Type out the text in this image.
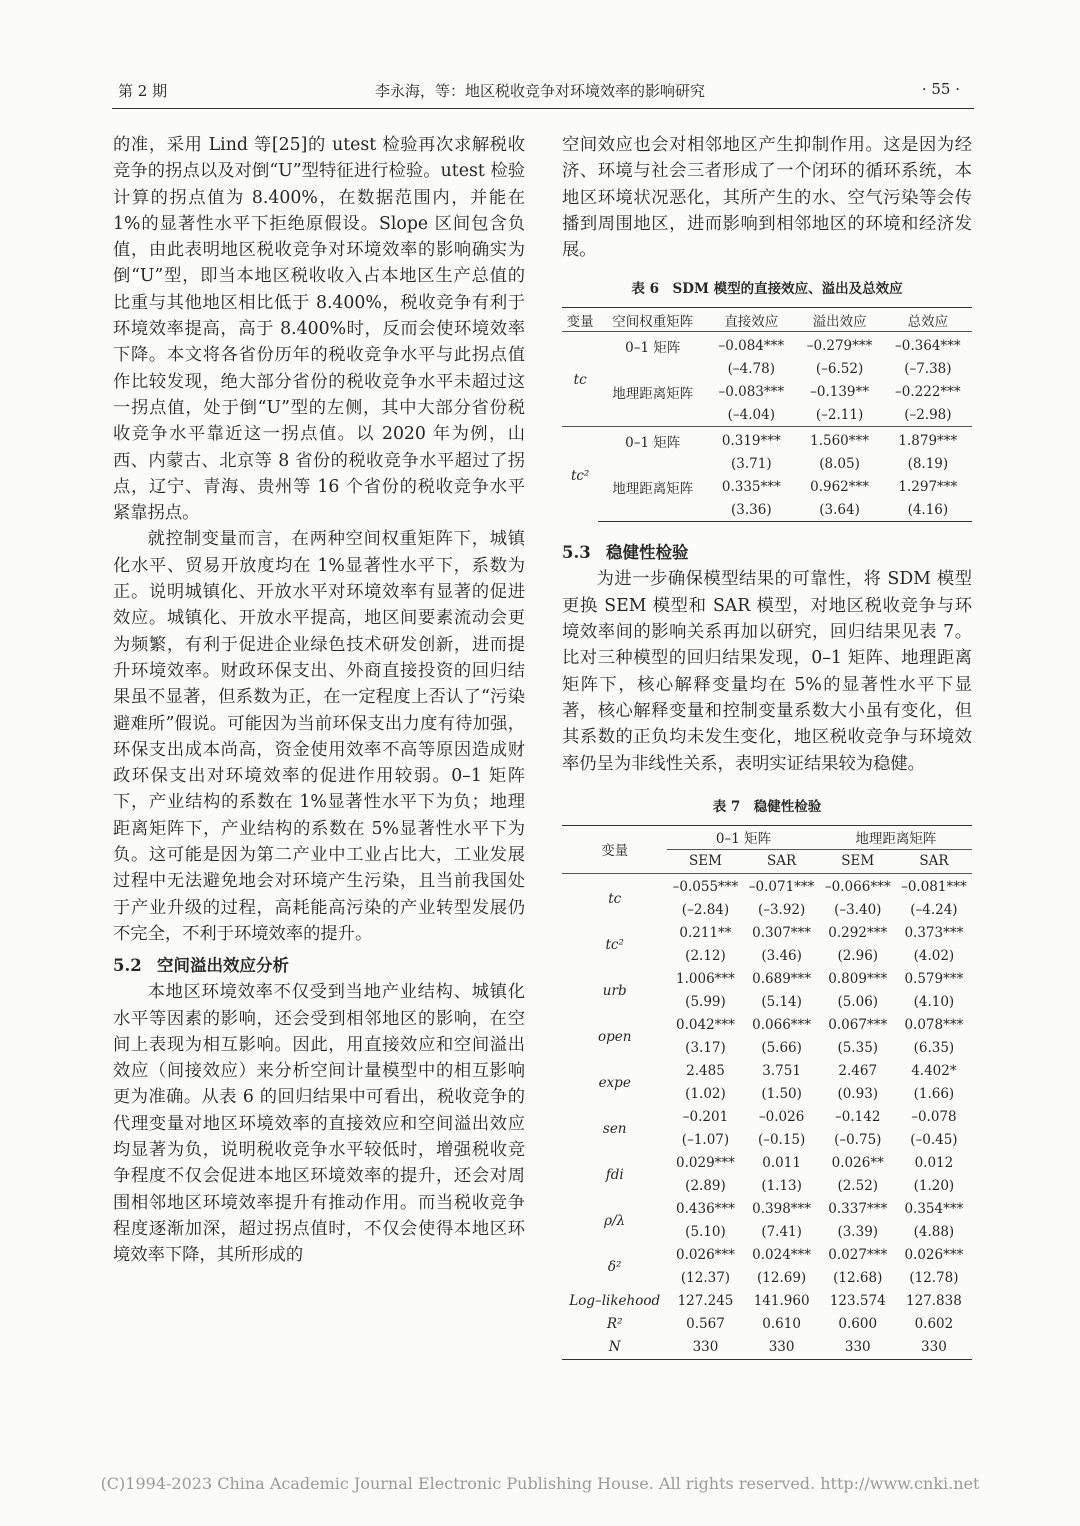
第 2 期	李永海，等：地区税收竞争对环境效率的影响研究	· 55 ·

的准，采用 Lind 等[25]的 utest 检验再次求解税收竞争的拐点以及对倒“U”型特征进行检验。utest 检验计算的拐点值为 8.400%，在数据范围内，并能在 1%的显著性水平下拒绝原假设。Slope 区间包含负值，由此表明地区税收竞争对环境效率的影响确实为倒“U”型，即当本地区税收收入占本地区生产总值的比重与其他地区相比低于 8.400%，税收竞争有利于环境效率提高，高于 8.400%时，反而会使环境效率下降。本文将各省份历年的税收竞争水平与此拐点值作比较发现，绝大部分省份的税收竞争水平未超过这一拐点值，处于倒“U”型的左侧，其中大部分省份税收竞争水平靠近这一拐点值。以 2020 年为例，山西、内蒙古、北京等 8 省份的税收竞争水平超过了拐点，辽宁、青海、贵州等 16 个省份的税收竞争水平紧靠拐点。

就控制变量而言，在两种空间权重矩阵下，城镇化水平、贸易开放度均在 1%显著性水平下，系数为正。说明城镇化、开放水平对环境效率有显著的促进效应。城镇化、开放水平提高，地区间要素流动会更为频繁，有利于促进企业绿色技术研发创新，进而提升环境效率。财政环保支出、外商直接投资的回归结果虽不显著，但系数为正，在一定程度上否认了“污染避难所”假说。可能因为当前环保支出力度有待加强，环保支出成本尚高，资金使用效率不高等原因造成财政环保支出对环境效率的促进作用较弱。0–1 矩阵下，产业结构的系数在 1%显著性水平下为负；地理距离矩阵下，产业结构的系数在 5%显著性水平下为负。这可能是因为第二产业中工业占比大，工业发展过程中无法避免地会对环境产生污染，且当前我国处于产业升级的过程，高耗能高污染的产业转型发展仍不完全，不利于环境效率的提升。

5.2 空间溢出效应分析

本地区环境效率不仅受到当地产业结构、城镇化水平等因素的影响，还会受到相邻地区的影响，在空间上表现为相互影响。因此，用直接效应和空间溢出效应（间接效应）来分析空间计量模型中的相互影响更为准确。从表 6 的回归结果中可看出，税收竞争的代理变量对地区环境效率的直接效应和空间溢出效应均显著为负，说明税收竞争水平较低时，增强税收竞争程度不仅会促进本地区环境效率的提升，还会对周围相邻地区环境效率提升有推动作用。而当税收竞争程度逐渐加深，超过拐点值时，不仅会使得本地区环境效率下降，其所形成的

空间效应也会对相邻地区产生抑制作用。这是因为经济、环境与社会三者形成了一个闭环的循环系统，本地区环境状况恶化，其所产生的水、空气污染等会传播到周围地区，进而影响到相邻地区的环境和经济发展。

表 6　SDM 模型的直接效应、溢出及总效应
变量	空间权重矩阵	直接效应	溢出效应	总效应

tc	0–1 矩阵	–0.084***	–0.279***	–0.364***
		(–4.78)	(–6.52)	(–7.38)
	地理距离矩阵	–0.083***	–0.139**	–0.222***
		(–4.04)	(–2.11)	(–2.98)

tc²	0–1 矩阵	0.319***	1.560***	1.879***
		(3.71)	(8.05)	(8.19)
	地理距离矩阵	0.335***	0.962***	1.297***
		(3.36)	(3.64)	(4.16)
5.3 稳健性检验

为进一步确保模型结果的可靠性，将 SDM 模型更换 SEM 模型和 SAR 模型，对地区税收竞争与环境效率间的影响关系再加以研究，回归结果见表 7。比对三种模型的回归结果发现，0–1 矩阵、地理距离矩阵下，核心解释变量均在 5%的显著性水平下显著，核心解释变量和控制变量系数大小虽有变化，但其系数的正负均未发生变化，地区税收竞争与环境效率仍呈为非线性关系，表明实证结果较为稳健。

表 7　稳健性检验
变量	0–1 矩阵		地理距离矩阵	
	SEM	SAR	SEM	SAR

tc	–0.055***	–0.071***	–0.066***	–0.081***
	(–2.84)	(–3.92)	(–3.40)	(–4.24)
tc²	0.211**	0.307***	0.292***	0.373***
	(2.12)	(3.46)	(2.96)	(4.02)
urb	1.006***	0.689***	0.809***	0.579***
	(5.99)	(5.14)	(5.06)	(4.10)
open	0.042***	0.066***	0.067***	0.078***
	(3.17)	(5.66)	(5.35)	(6.35)
expe	2.485	3.751	2.467	4.402*
	(1.02)	(1.50)	(0.93)	(1.66)
sen	–0.201	–0.026	–0.142	–0.078
	(–1.07)	(–0.15)	(–0.75)	(–0.45)
fdi	0.029***	0.011	0.026**	0.012
	(2.89)	(1.13)	(2.52)	(1.20)
ρ/λ	0.436***	0.398***	0.337***	0.354***
	(5.10)	(7.41)	(3.39)	(4.88)
δ²	0.026***	0.024***	0.027***	0.026***
	(12.37)	(12.69)	(12.68)	(12.78)
Log–likehood	127.245	141.960	123.574	127.838
R²	0.567	0.610	0.600	0.602
N	330	330	330	330
(C)1994-2023 China Academic Journal Electronic Publishing House. All rights reserved. http://www.cnki.net
